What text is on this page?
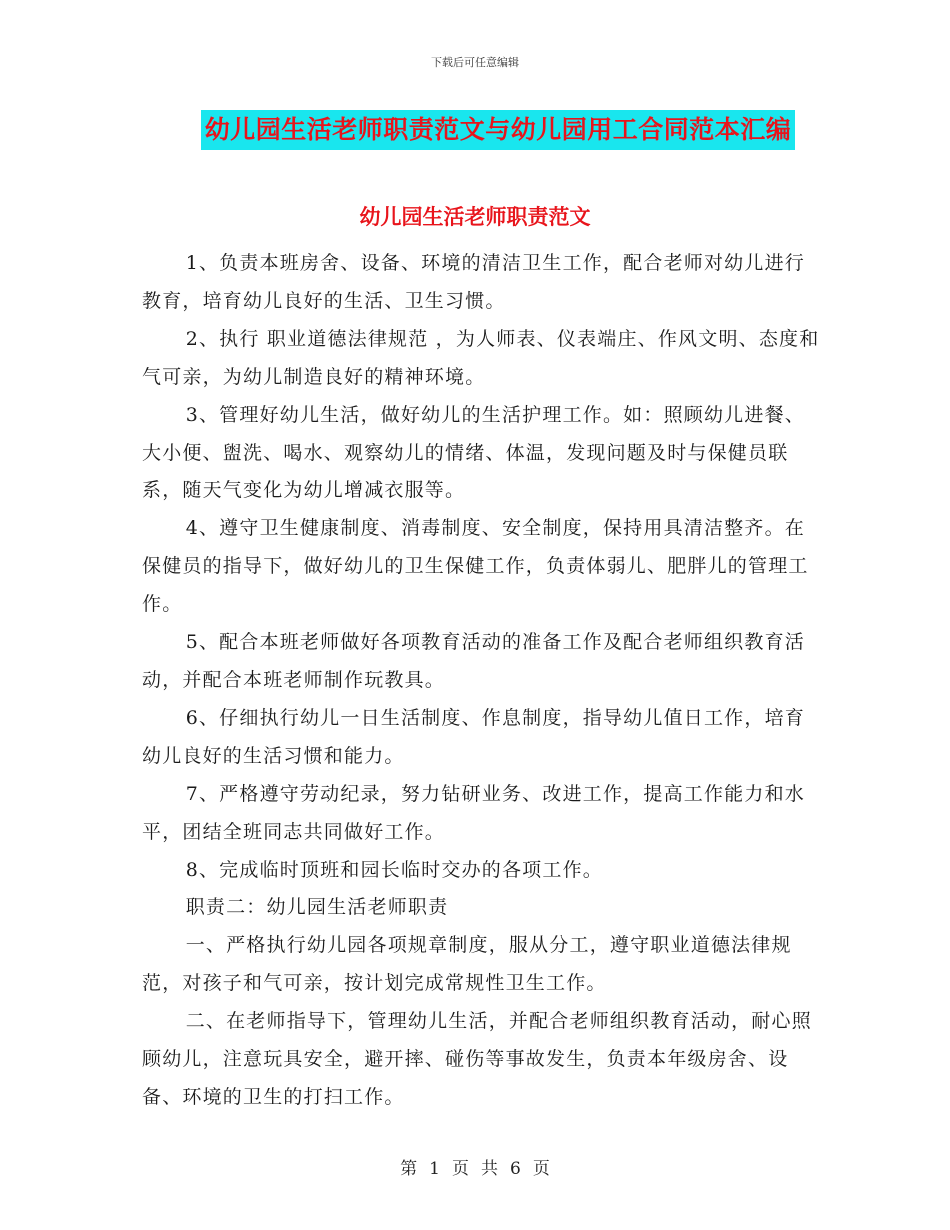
下载后可任意编辑
幼儿园生活老师职责范文与幼儿园用工合同范本汇编
幼儿园生活老师职责范文

1、负责本班房舍、设备、环境的清洁卫生工作，配合老师对幼儿进行教育，培育幼儿良好的生活、卫生习惯。

2、执行 职业道德法律规范 ，为人师表、仪表端庄、作风文明、态度和气可亲，为幼儿制造良好的精神环境。

3、管理好幼儿生活，做好幼儿的生活护理工作。如：照顾幼儿进餐、大小便、盥洗、喝水、观察幼儿的情绪、体温，发现问题及时与保健员联系，随天气变化为幼儿增减衣服等。

4、遵守卫生健康制度、消毒制度、安全制度，保持用具清洁整齐。在保健员的指导下，做好幼儿的卫生保健工作，负责体弱儿、肥胖儿的管理工作。

5、配合本班老师做好各项教育活动的准备工作及配合老师组织教育活动，并配合本班老师制作玩教具。

6、仔细执行幼儿一日生活制度、作息制度，指导幼儿值日工作，培育幼儿良好的生活习惯和能力。

7、严格遵守劳动纪录，努力钻研业务、改进工作，提高工作能力和水平，团结全班同志共同做好工作。

8、完成临时顶班和园长临时交办的各项工作。

职责二：幼儿园生活老师职责

一、严格执行幼儿园各项规章制度，服从分工，遵守职业道德法律规范，对孩子和气可亲，按计划完成常规性卫生工作。

二、在老师指导下，管理幼儿生活，并配合老师组织教育活动，耐心照顾幼儿，注意玩具安全，避开摔、碰伤等事故发生，负责本年级房舍、设备、环境的卫生的打扫工作。

第 1 页 共 6 页
